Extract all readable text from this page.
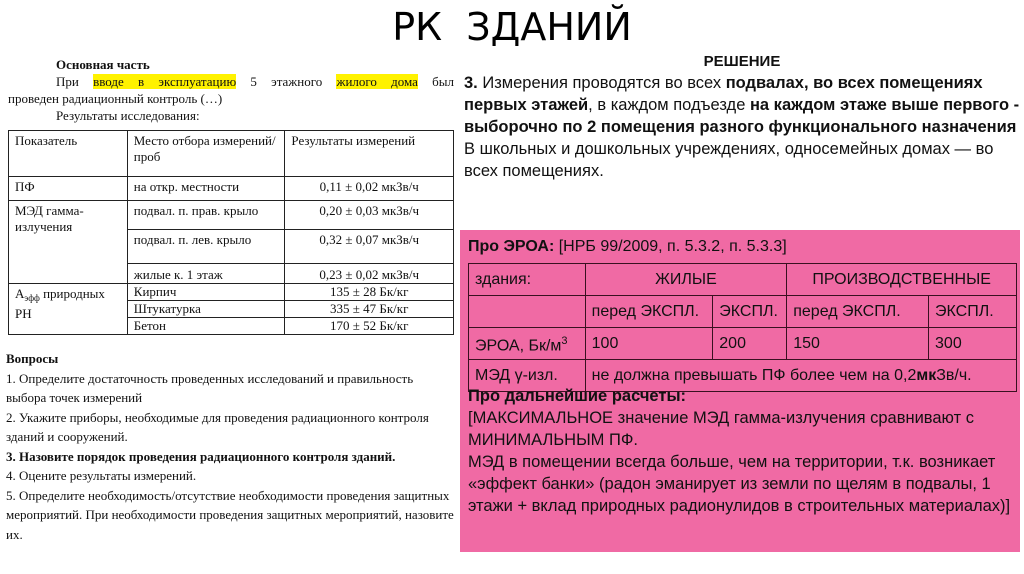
РК  ЗДАНИЙ

Основная часть

При вводе в эксплуатацию 5 этажного жилого дома был

проведен радиационный контроль (…)

Результаты исследования:

Показатель	Место отбора измерений/проб	Результаты измерений
ПФ	на откр. местности	0,11 ± 0,02 мкЗв/ч
МЭД гамма-излучения	подвал. п. прав. крыло	0,20 ± 0,03 мкЗв/ч
	подвал. п. лев. крыло	0,32 ± 0,07 мкЗв/ч
	жилые к. 1 этаж	0,23 ± 0,02 мкЗв/ч
$А_{эфф}$ природных РН	Кирпич	135 ± 28 Бк/кг
	Штукатурка	335 ± 47 Бк/кг
	Бетон	170 ± 52 Бк/кг
Вопросы
1. Определите достаточность проведенных исследований и правильность выбора точек измерений
2. Укажите приборы, необходимые для проведения радиационного контроля зданий и сооружений.
3. Назовите порядок проведения радиационного контроля зданий.
4. Оцените результаты измерений.
5. Определите необходимость/отсутствие необходимости проведения защитных мероприятий. При необходимости проведения защитных мероприятий, назовите их.

РЕШЕНИЕ

3. Измерения проводятся во всех подвалах, во всех помещениях первых этажей, в каждом подъезде на каждом этаже выше первого - выборочно по 2 помещения разного функционального назначения

В школьных и дошкольных учреждениях, односемейных домах — во всех помещениях.

Про ЭРОА: [НРБ 99/2009, п. 5.3.2, п. 5.3.3]
здания:	ЖИЛЫЕ		ПРОИЗВОДСТВЕННЫЕ	
	перед ЭКСПЛ.	ЭКСПЛ.	перед ЭКСПЛ.	ЭКСПЛ.
ЭРОА, $Бк/м^3$	100	200	150	300
МЭД γ-изл.	не должна превышать ПФ более чем на 0,2мкЗв/ч.			
Про дальнейшие расчеты:
[МАКСИМАЛЬНОЕ значение МЭД гамма-излучения сравнивают с МИНИМАЛЬНЫМ ПФ.
МЭД в помещении всегда больше, чем на территории, т.к. возникает «эффект банки» (радон эманирует из земли по щелям в подвалы, 1 этажи + вклад природных радионулидов в строительных материалах)]
